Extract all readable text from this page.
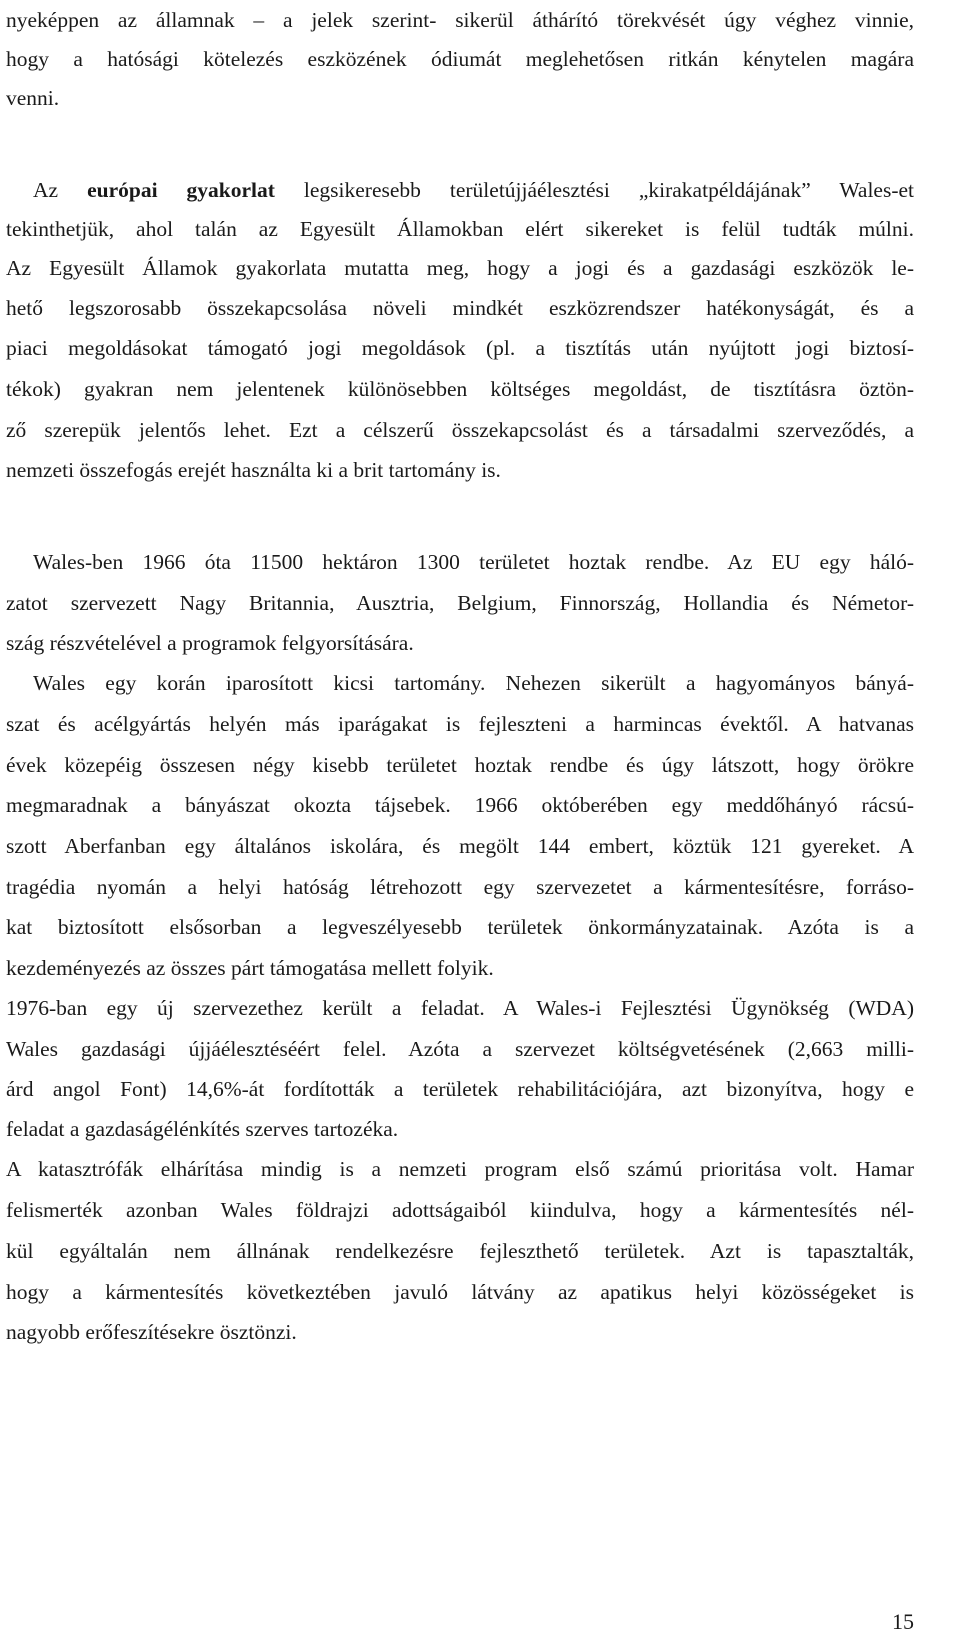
nyeképpen az államnak – a jelek szerint- sikerül áthárító törekvését úgy véghez vinnie,
hogy a hatósági kötelezés eszközének ódiumát meglehetősen ritkán kénytelen magára
venni.
Az európai gyakorlat legsikeresebb területújjáélesztési „kirakatpéldájának” Wales-et
tekinthetjük, ahol talán az Egyesült Államokban elért sikereket is felül tudták múlni.
Az Egyesült Államok gyakorlata mutatta meg, hogy a jogi és a gazdasági eszközök le-
hető legszorosabb összekapcsolása növeli mindkét eszközrendszer hatékonyságát, és a
piaci megoldásokat támogató jogi megoldások (pl. a tisztítás után nyújtott jogi biztosí-
tékok) gyakran nem jelentenek különösebben költséges megoldást, de tisztításra öztön-
ző szerepük jelentős lehet. Ezt a célszerű összekapcsolást és a társadalmi szerveződés, a
nemzeti összefogás erejét használta ki a brit tartomány is.
Wales-ben 1966 óta 11500 hektáron 1300 területet hoztak rendbe. Az EU egy háló-
zatot szervezett Nagy Britannia, Ausztria, Belgium, Finnország, Hollandia és Németor-
szág részvételével a programok felgyorsítására.
Wales egy korán iparosított kicsi tartomány. Nehezen sikerült a hagyományos bányá-
szat és acélgyártás helyén más iparágakat is fejleszteni a harmincas évektől. A hatvanas
évek közepéig összesen négy kisebb területet hoztak rendbe és úgy látszott, hogy örökre
megmaradnak a bányászat okozta tájsebek. 1966 októberében egy meddőhányó rácsú-
szott Aberfanban egy általános iskolára, és megölt 144 embert, köztük 121 gyereket. A
tragédia nyomán a helyi hatóság létrehozott egy szervezetet a kármentesítésre, forráso-
kat biztosított elsősorban a legveszélyesebb területek önkormányzatainak. Azóta is a
kezdeményezés az összes párt támogatása mellett folyik.
1976-ban egy új szervezethez került a feladat. A Wales-i Fejlesztési Ügynökség (WDA)
Wales gazdasági újjáélesztéséért felel. Azóta a szervezet költségvetésének (2,663 milli-
árd angol Font) 14,6%-át fordították a területek rehabilitációjára, azt bizonyítva, hogy e
feladat a gazdaságélénkítés szerves tartozéka.
A katasztrófák elhárítása mindig is a nemzeti program első számú prioritása volt. Hamar
felismerték azonban Wales földrajzi adottságaiból kiindulva, hogy a kármentesítés nél-
kül egyáltalán nem állnának rendelkezésre fejleszthető területek. Azt is tapasztalták,
hogy a kármentesítés következtében javuló látvány az apatikus helyi közösségeket is
nagyobb erőfeszítésekre ösztönzi.
15
